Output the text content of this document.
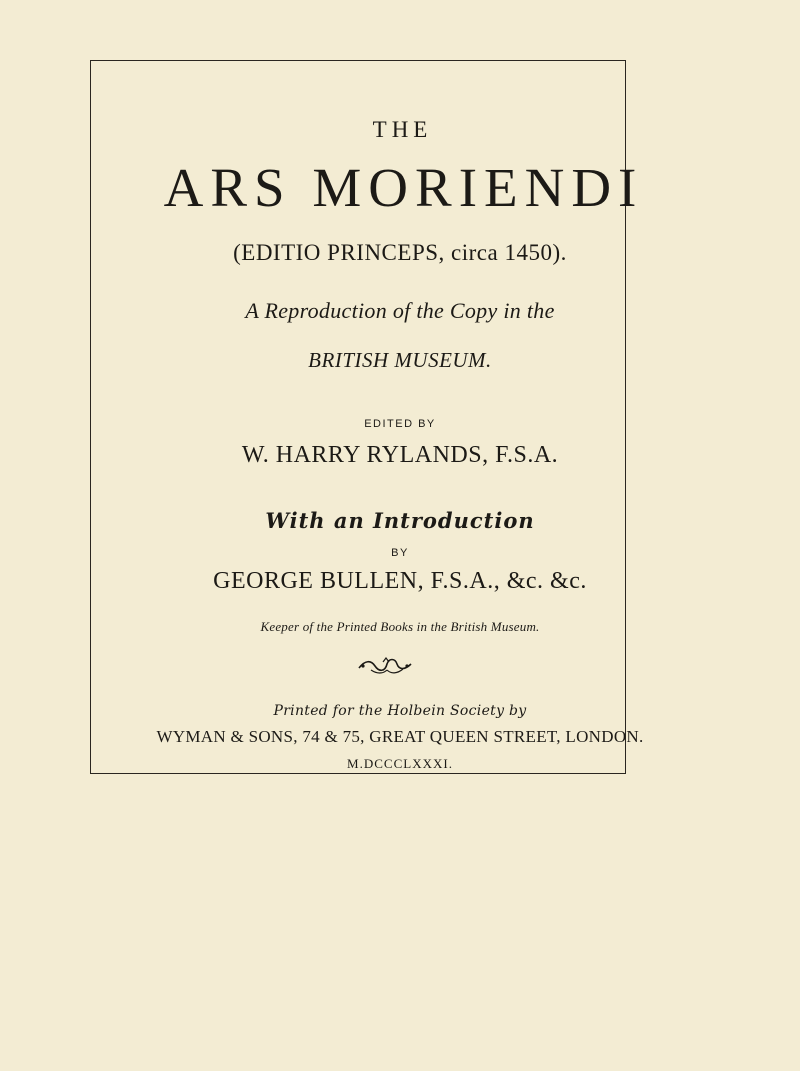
THE
ARS MORIENDI
(EDITIO PRINCEPS, circa 1450).
A Reproduction of the Copy in the
BRITISH MUSEUM.
EDITED BY
W. HARRY RYLANDS, F.S.A.
With an Introduction
BY
GEORGE BULLEN, F.S.A., &c. &c.
Keeper of the Printed Books in the British Museum.
Printed for the Holbein Society by
WYMAN & SONS, 74 & 75, GREAT QUEEN STREET, LONDON.
M.DCCCLXXXI.
